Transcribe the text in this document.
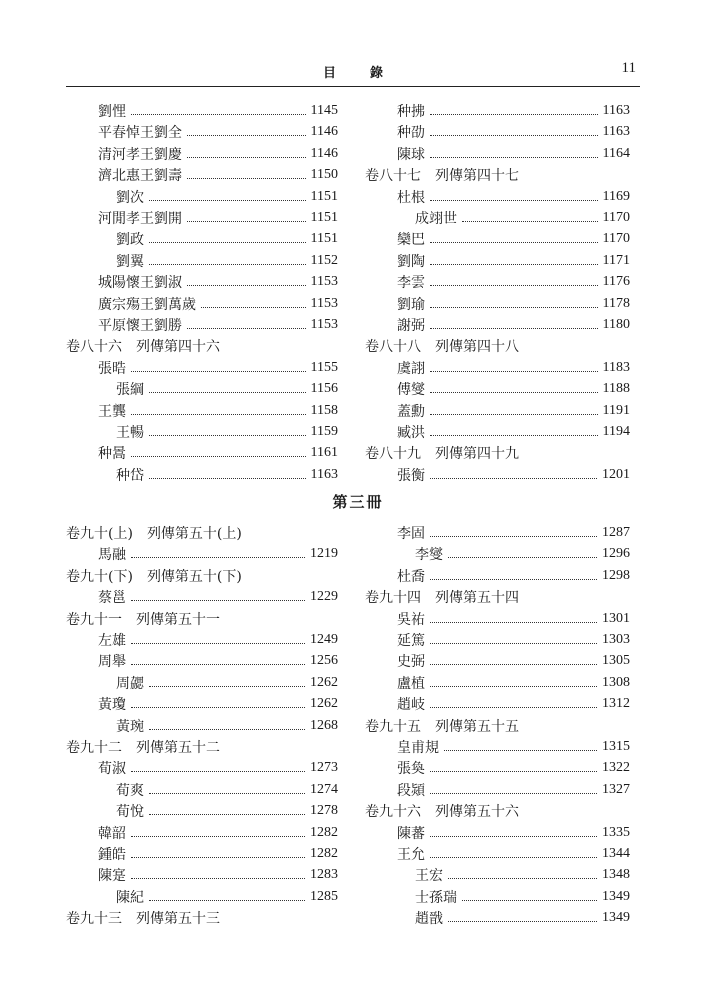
目錄	11
劉悝	1145
平春悼王劉全	1146
清河孝王劉慶	1146
濟北惠王劉壽	1150
劉次	1151
河閒孝王劉開	1151
劉政	1151
劉翼	1152
城陽懷王劉淑	1153
廣宗殤王劉萬歲	1153
平原懷王劉勝	1153
卷八十六 列傳第四十六
張晧	1155
張綱	1156
王龔	1158
王暢	1159
种暠	1161
种岱	1163
种拂	1163
种劭	1163
陳球	1164
卷八十七 列傳第四十七
杜根	1169
成翊世	1170
欒巴	1170
劉陶	1171
李雲	1176
劉瑜	1178
謝弼	1180
卷八十八 列傳第四十八
虞詡	1183
傅燮	1188
蓋勳	1191
臧洪	1194
卷八十九 列傳第四十九
張衡	1201
第三冊
卷九十(上) 列傳第五十(上)
馬融	1219
卷九十(下) 列傳第五十(下)
蔡邕	1229
卷九十一 列傳第五十一
左雄	1249
周舉	1256
周勰	1262
黃瓊	1262
黃琬	1268
卷九十二 列傳第五十二
荀淑	1273
荀爽	1274
荀悅	1278
韓韶	1282
鍾皓	1282
陳寔	1283
陳紀	1285
卷九十三 列傳第五十三
李固	1287
李燮	1296
杜喬	1298
卷九十四 列傳第五十四
吳祐	1301
延篤	1303
史弼	1305
盧植	1308
趙岐	1312
卷九十五 列傳第五十五
皇甫規	1315
張奐	1322
段熲	1327
卷九十六 列傳第五十六
陳蕃	1335
王允	1344
王宏	1348
士孫瑞	1349
趙戩	1349
